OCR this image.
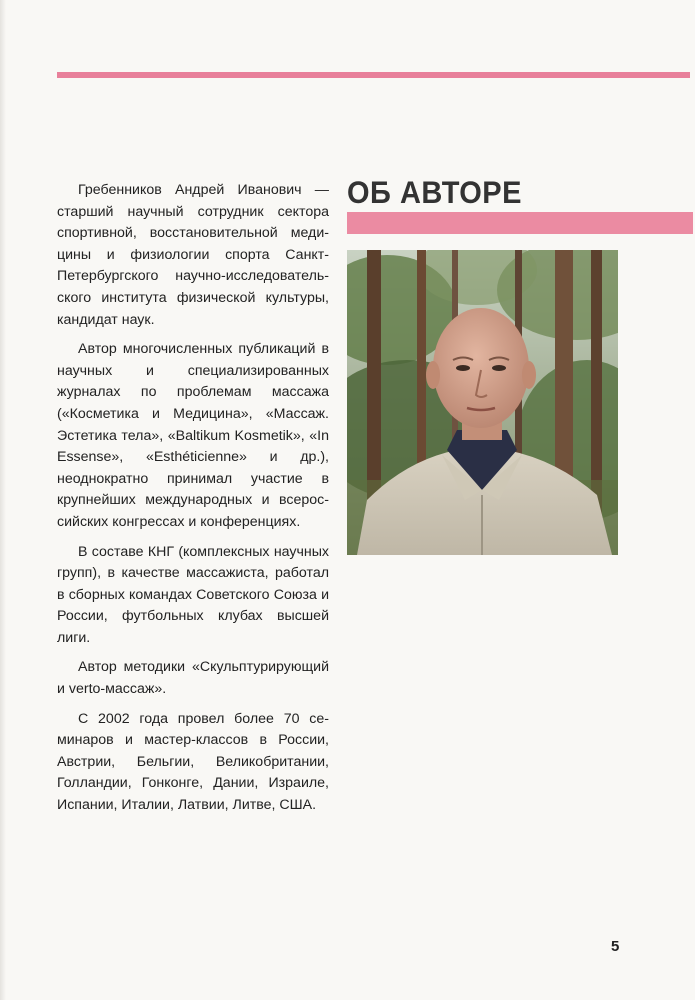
Гребенников Андрей Иванович — старший научный сотрудник сектора спортивной, восстановительной медицины и физиологии спорта Санкт- Петербургского научно-исследовательского института физической культуры, кандидат наук.

Автор многочисленных публикаций в научных и специализированных журналах по проблемам массажа («Косметика и Медицина», «Массаж. Эстетика тела», «Baltikum Kosmetik», «In Essense», «Esthéticienne» и др.), неоднократно принимал участие в крупнейших международных и всероссийских конгрессах и конференциях.

В составе КНГ (комплексных научных групп), в качестве массажиста, работал в сборных командах Советского Союза и России, футбольных клубах высшей лиги.

Автор методики «Скульптурирующий и verto-массаж».

С 2002 года провел более 70 семинаров и мастер-классов в России, Австрии, Бельгии, Великобритании, Голландии, Гонконге, Дании, Израиле, Испании, Италии, Латвии, Литве, США.

ОБ АВТОРЕ
5
